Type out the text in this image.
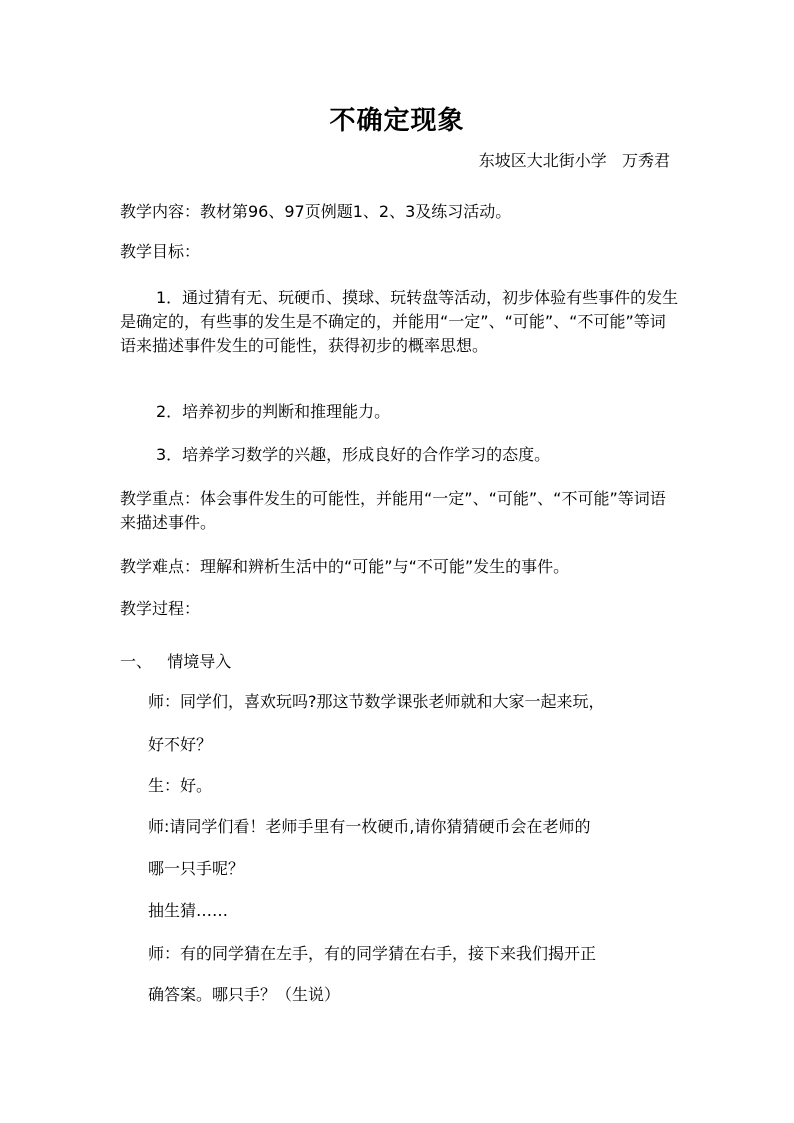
不确定现象
东坡区大北街小学   万秀君
教学内容：教材第96、97页例题1、2、3及练习活动。
教学目标：
1．通过猜有无、玩硬币、摸球、玩转盘等活动，初步体验有些事件的发生是确定的，有些事的发生是不确定的，并能用“一定”、“可能”、“不可能”等词语来描述事件发生的可能性，获得初步的概率思想。
2．培养初步的判断和推理能力。
3．培养学习数学的兴趣，形成良好的合作学习的态度。
教学重点：体会事件发生的可能性，并能用“一定”、“可能”、“不可能”等词语来描述事件。
教学难点：理解和辨析生活中的“可能”与“不可能”发生的事件。
教学过程：
一、   情境导入
师：同学们，喜欢玩吗?那这节数学课张老师就和大家一起来玩，
好不好？
生：好。
师:请同学们看！老师手里有一枚硬币,请你猜猜硬币会在老师的
哪一只手呢？
抽生猜……
师：有的同学猜在左手，有的同学猜在右手，接下来我们揭开正
确答案。哪只手？（生说）
